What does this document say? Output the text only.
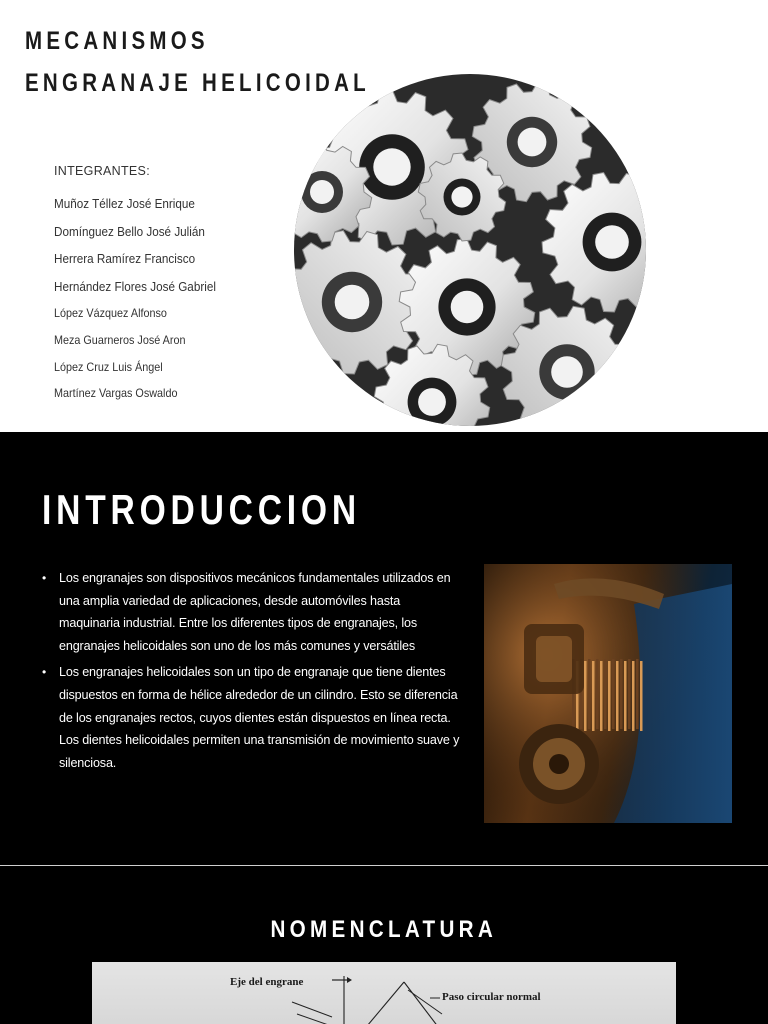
MECANISMOS
ENGRANAJE HELICOIDAL
INTEGRANTES:
Muñoz Téllez José Enrique
Domínguez Bello José Julián
Herrera Ramírez Francisco
Hernández Flores José Gabriel
López Vázquez Alfonso
Meza Guarneros José Aron
López Cruz Luis Ángel
Martínez Vargas Oswaldo
INTRODUCCION
• Los engranajes son dispositivos mecánicos fundamentales utilizados en una amplia variedad de aplicaciones, desde automóviles hasta maquinaria industrial. Entre los diferentes tipos de engranajes, los engranajes helicoidales son uno de los más comunes y versátiles
• Los engranajes helicoidales son un tipo de engranaje que tiene dientes dispuestos en forma de hélice alrededor de un cilindro. Esto se diferencia de los engranajes rectos, cuyos dientes están dispuestos en línea recta. Los dientes helicoidales permiten una transmisión de movimiento suave y silenciosa.
NOMENCLATURA
Eje del engrane
Paso circular normal
